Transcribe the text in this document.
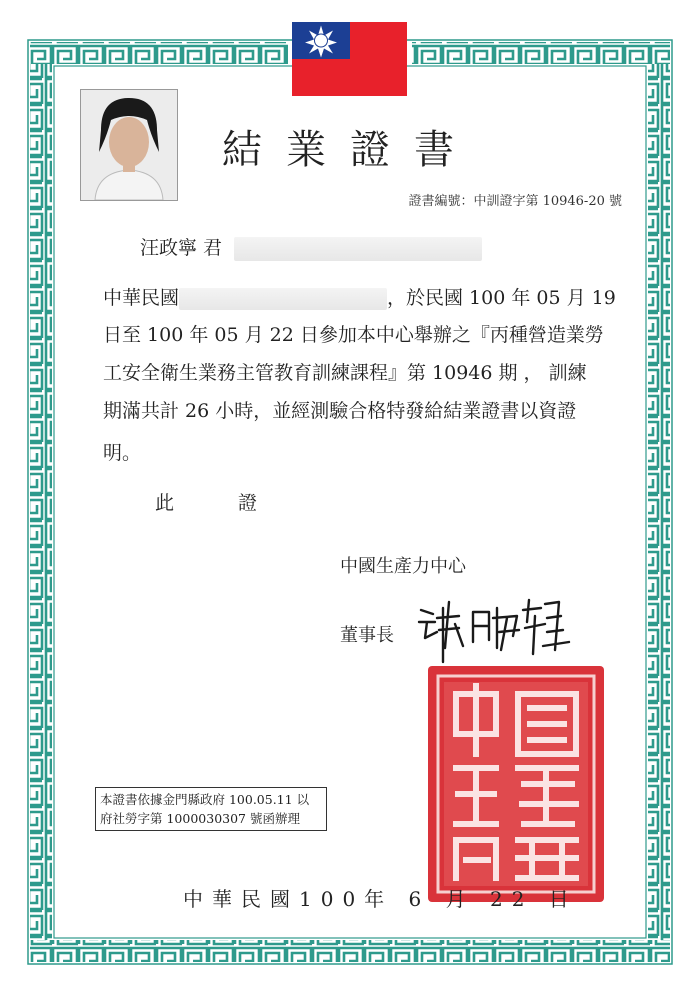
結業證書
證書編號：中訓證字第 10946-20 號
汪政寧 君
中華民國	，於民國 100 年 05 月 19
日至 100 年 05 月 22 日參加本中心舉辦之『丙種營造業勞
工安全衛生業務主管教育訓練課程』第 10946 期 ， 訓練
期滿共計 26 小時，並經測驗合格特發給結業證書以資證
明。
此	證
中國生產力中心
董事長
本證書依據金門縣政府 100.05.11 以
府社勞字第 1000030307 號函辦理
中華民國100年 6 月 22 日
